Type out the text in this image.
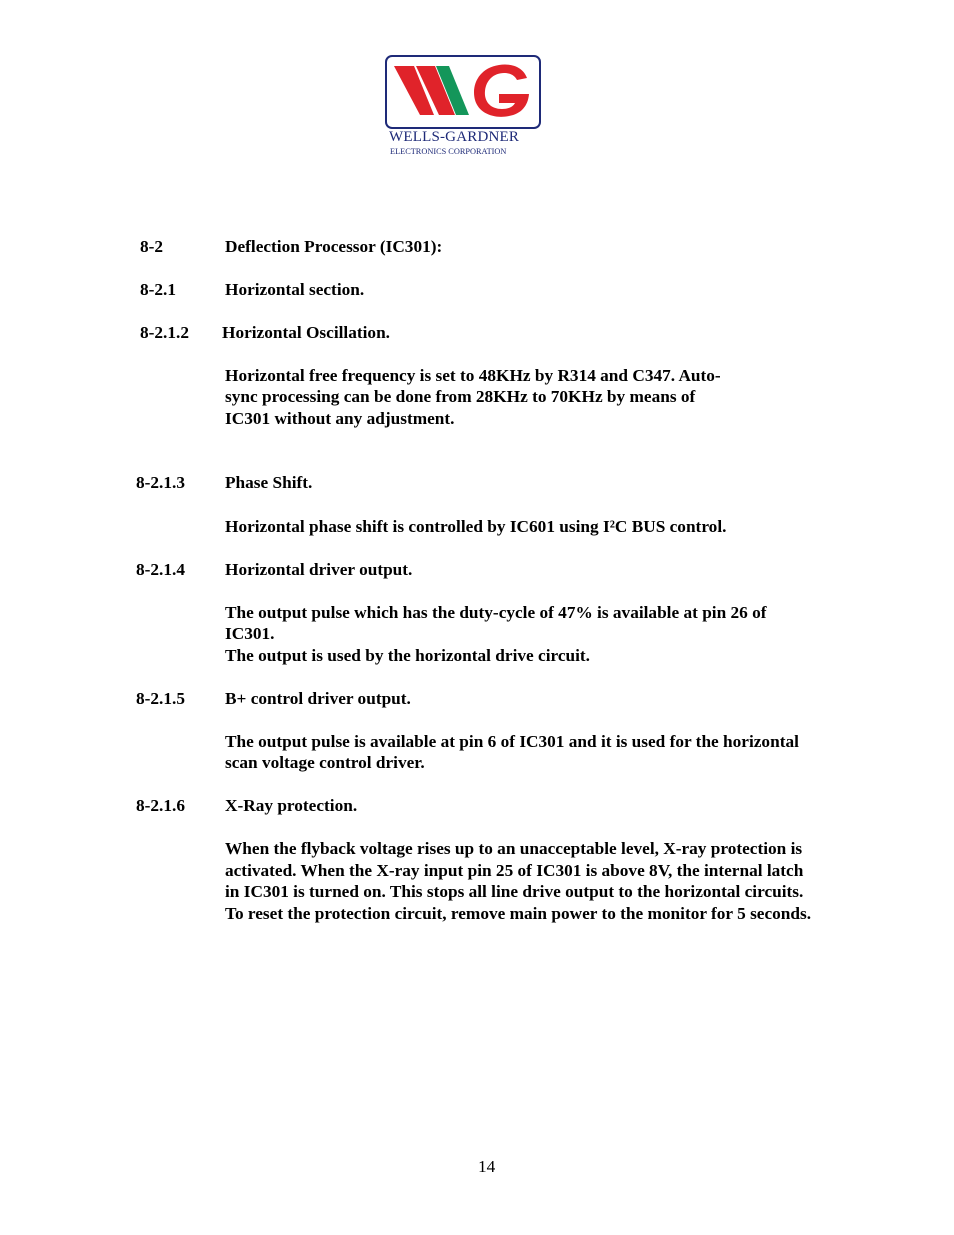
WELLS-GARDNER
ELECTRONICS CORPORATION
8-2	Deflection Processor (IC301):
8-2.1	Horizontal section.
8-2.1.2 Horizontal Oscillation.
Horizontal free frequency is set to 48KHz by R314 and C347. Auto-
sync processing can be done from 28KHz to 70KHz by means of
IC301 without any adjustment.
8-2.1.3 Phase Shift.
Horizontal phase shift is controlled by IC601 using I²C BUS control.
8-2.1.4 Horizontal driver output.
The output pulse which has the duty-cycle of 47% is available at pin 26 of
IC301.
The output is used by the horizontal drive circuit.
8-2.1.5 B+ control driver output.
The output pulse is available at pin 6 of IC301 and it is used for the horizontal
scan voltage control driver.
8-2.1.6 X-Ray protection.
When the flyback voltage rises up to an unacceptable level, X-ray protection is
activated. When the X-ray input pin 25 of IC301 is above 8V, the internal latch
in IC301 is turned on. This stops all line drive output to the horizontal circuits.
To reset the protection circuit, remove main power to the monitor for 5 seconds.
14
